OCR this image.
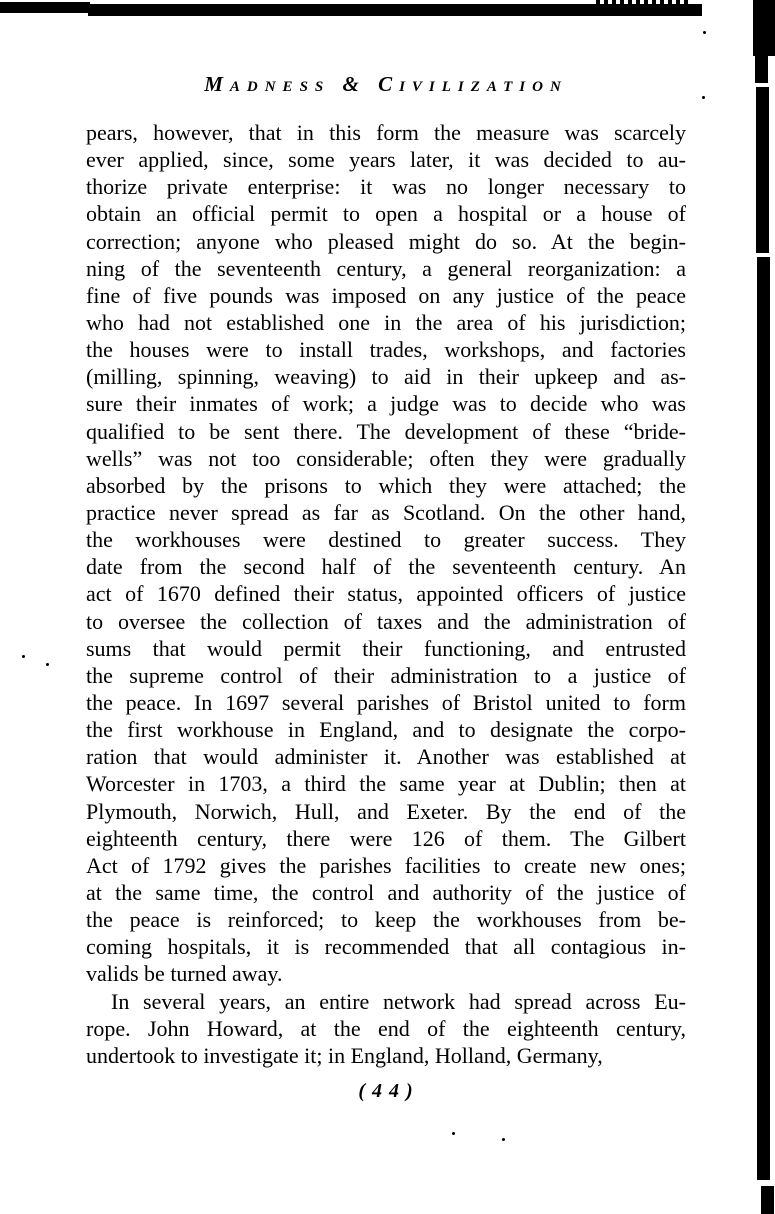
Madness & Civilization
pears, however, that in this form the measure was scarcely
ever applied, since, some years later, it was decided to au-
thorize private enterprise: it was no longer necessary to
obtain an official permit to open a hospital or a house of
correction; anyone who pleased might do so. At the begin-
ning of the seventeenth century, a general reorganization: a
fine of five pounds was imposed on any justice of the peace
who had not established one in the area of his jurisdiction;
the houses were to install trades, workshops, and factories
(milling, spinning, weaving) to aid in their upkeep and as-
sure their inmates of work; a judge was to decide who was
qualified to be sent there. The development of these “bride-
wells” was not too considerable; often they were gradually
absorbed by the prisons to which they were attached; the
practice never spread as far as Scotland. On the other hand,
the workhouses were destined to greater success. They
date from the second half of the seventeenth century. An
act of 1670 defined their status, appointed officers of justice
to oversee the collection of taxes and the administration of
sums that would permit their functioning, and entrusted
the supreme control of their administration to a justice of
the peace. In 1697 several parishes of Bristol united to form
the first workhouse in England, and to designate the corpo-
ration that would administer it. Another was established at
Worcester in 1703, a third the same year at Dublin; then at
Plymouth, Norwich, Hull, and Exeter. By the end of the
eighteenth century, there were 126 of them. The Gilbert
Act of 1792 gives the parishes facilities to create new ones;
at the same time, the control and authority of the justice of
the peace is reinforced; to keep the workhouses from be-
coming hospitals, it is recommended that all contagious in-
valids be turned away.
In several years, an entire network had spread across Eu-
rope. John Howard, at the end of the eighteenth century,
undertook to investigate it; in England, Holland, Germany,
( 4 4 )
